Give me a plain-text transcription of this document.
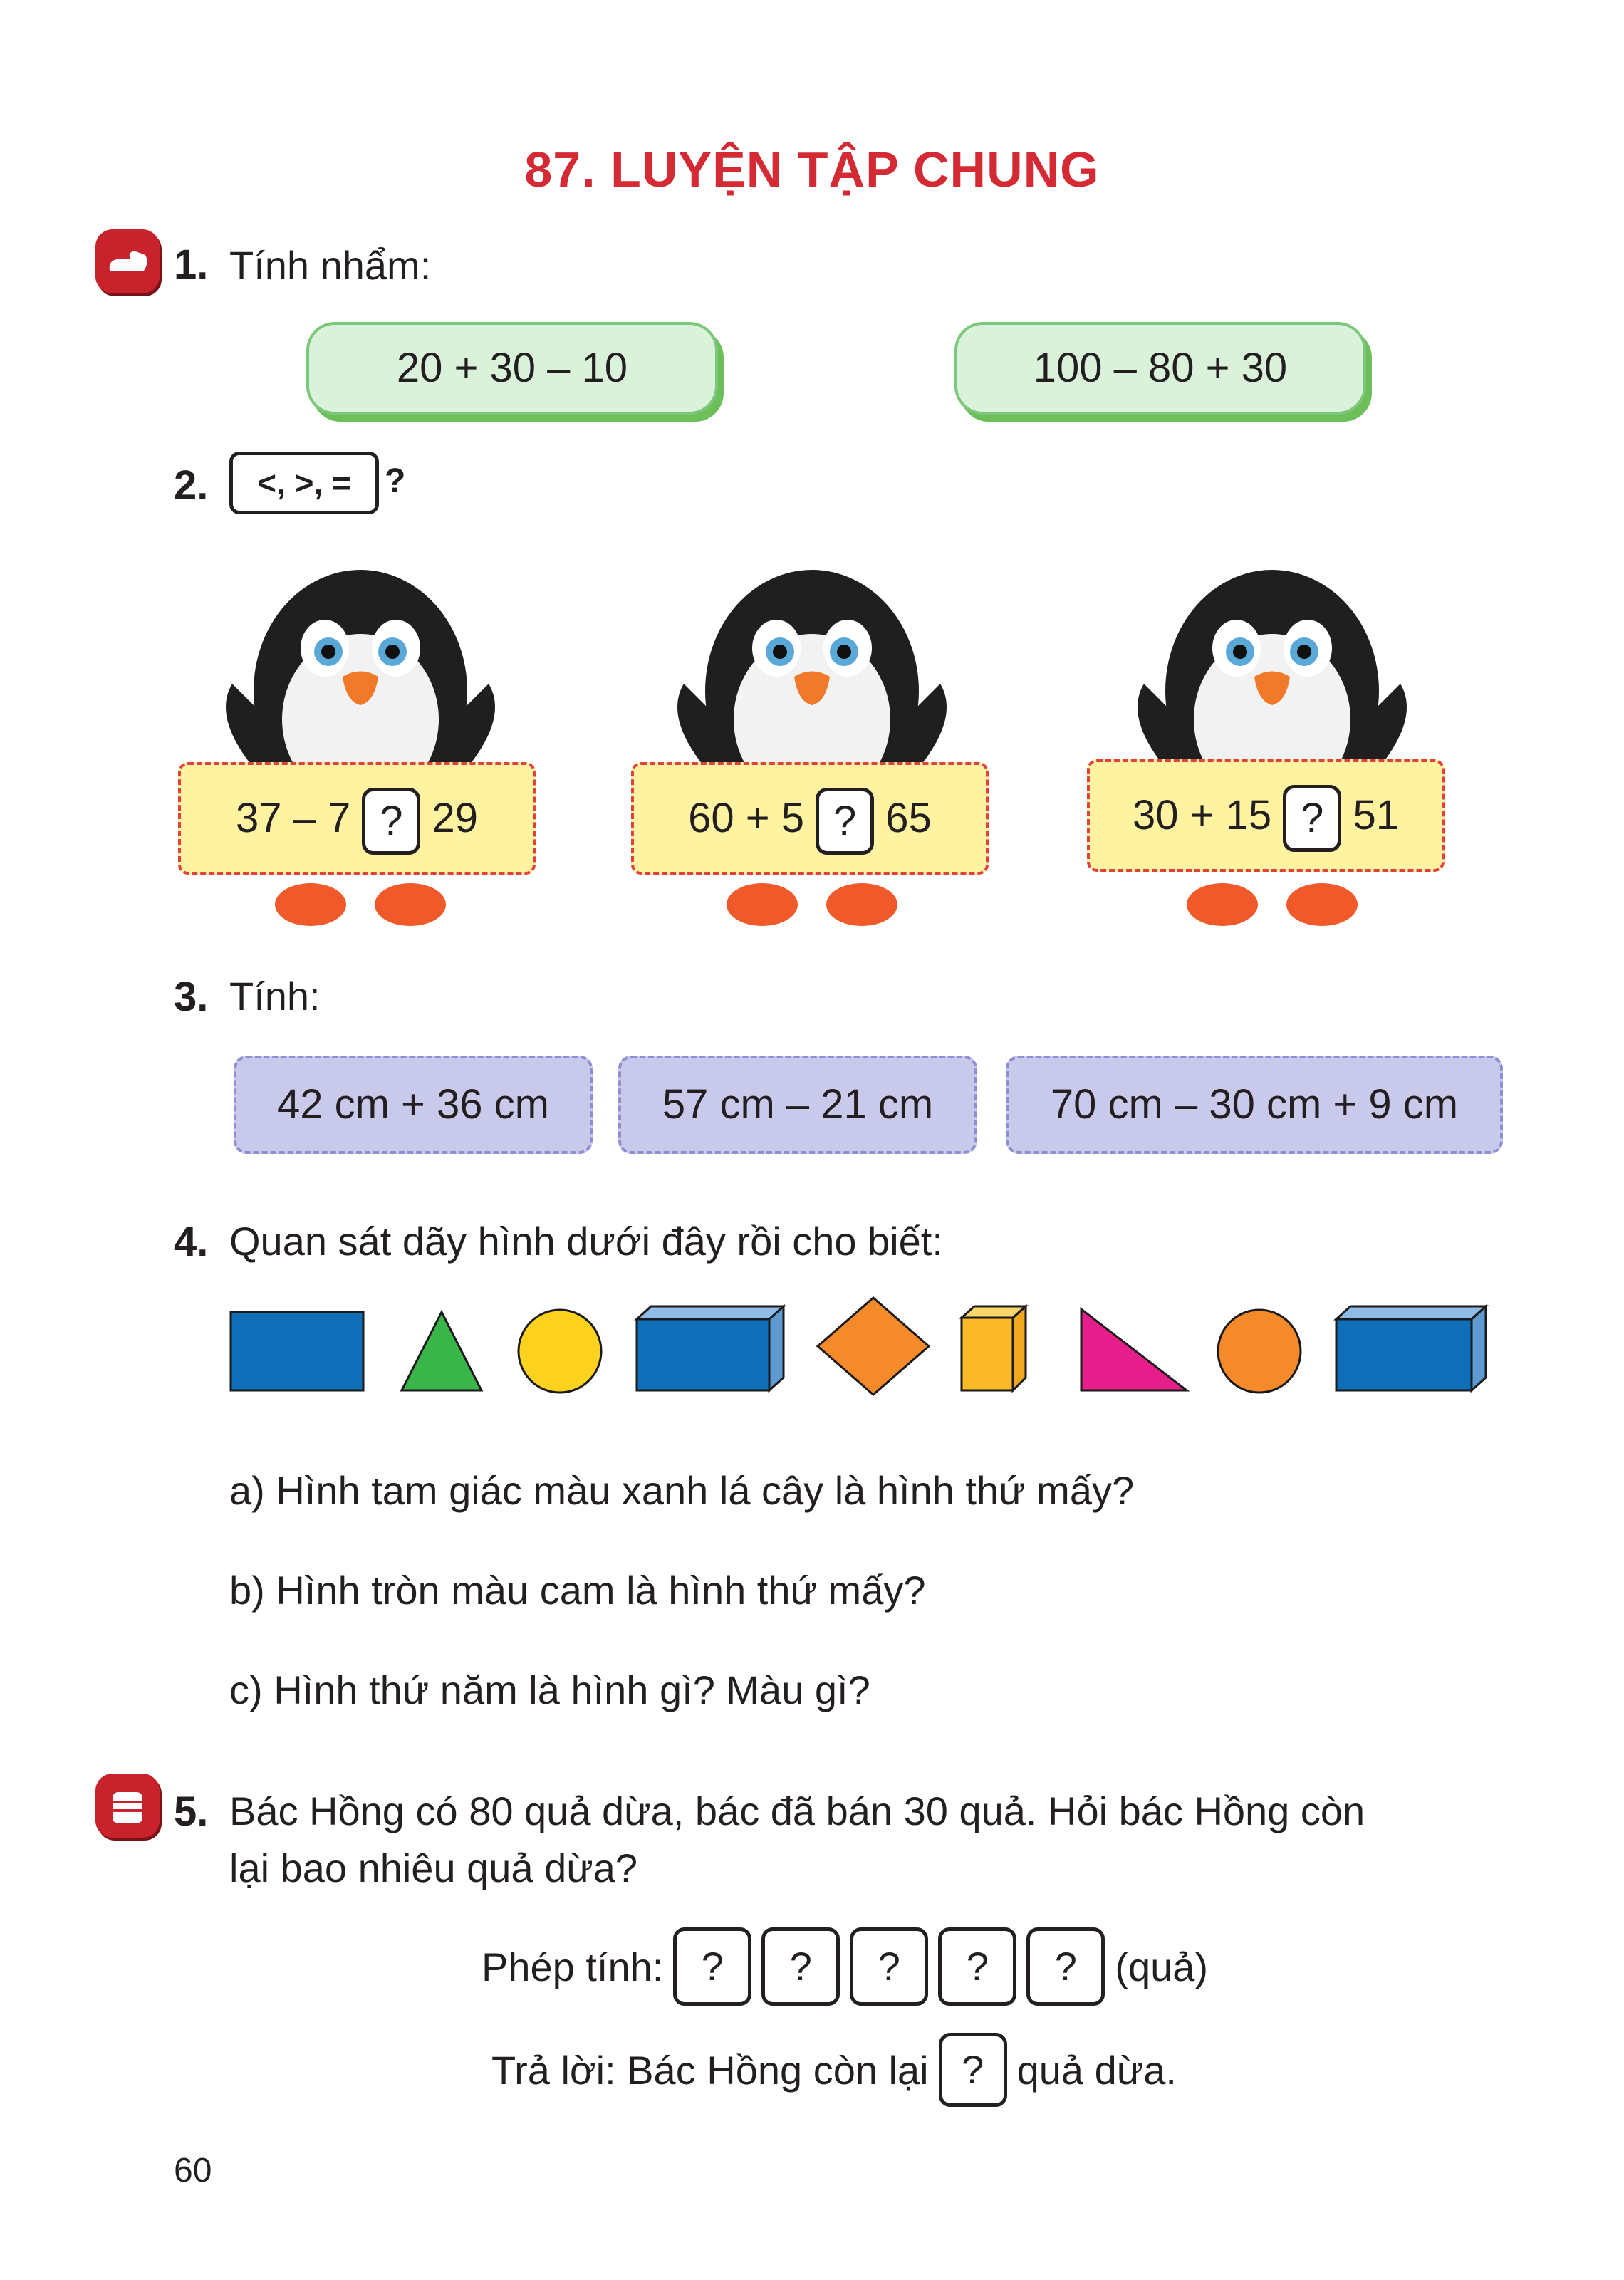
87. LUYỆN TẬP CHUNG
1. Tính nhẩm:
20 + 30 – 10	100 – 80 + 30
2.	<, >, = ?
37 – 7 ? 29	60 + 5 ? 65	30 + 15 ? 51
3. Tính:
42 cm + 36 cm	57 cm – 21 cm	70 cm – 30 cm + 9 cm
4. Quan sát dãy hình dưới đây rồi cho biết:
a) Hình tam giác màu xanh lá cây là hình thứ mấy?
b) Hình tròn màu cam là hình thứ mấy?
c) Hình thứ năm là hình gì? Màu gì?
5. Bác Hồng có 80 quả dừa, bác đã bán 30 quả. Hỏi bác Hồng còn
lại bao nhiêu quả dừa?
Phép tính: ?	?	?	?	? (quả)
Trả lời: Bác Hồng còn lại ? quả dừa.
60
